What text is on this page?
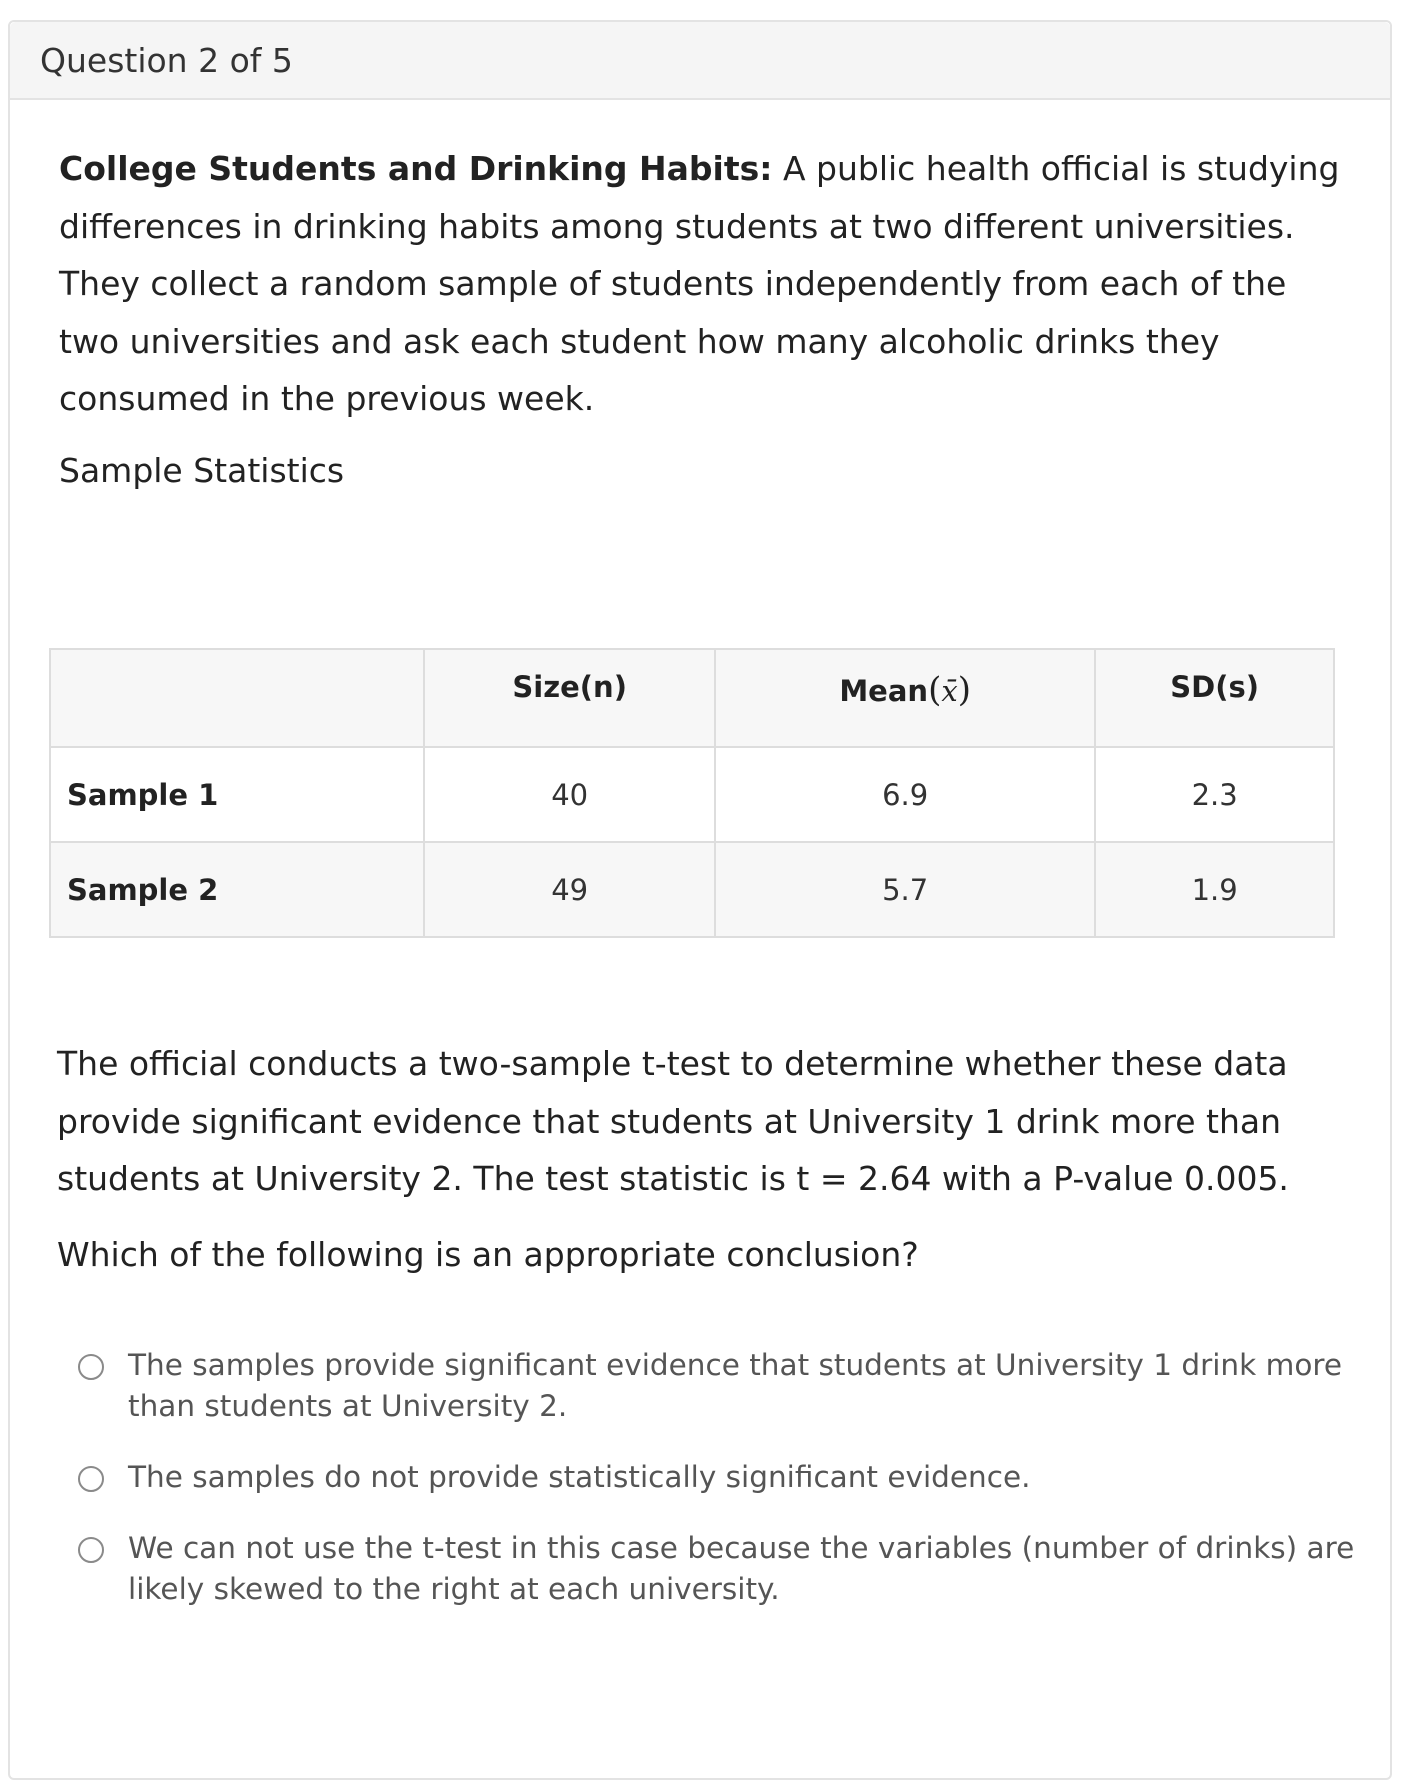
Question 2 of 5

College Students and Drinking Habits: A public health official is studying differences in drinking habits among students at two different universities. They collect a random sample of students independently from each of the two universities and ask each student how many alcoholic drinks they consumed in the previous week.

Sample Statistics

	Size(n)	Mean(x̄)	SD(s)
Sample 1	40	6.9	2.3
Sample 2	49	5.7	1.9

The official conducts a two-sample t-test to determine whether these data provide significant evidence that students at University 1 drink more than students at University 2. The test statistic is t = 2.64 with a P-value 0.005.

Which of the following is an appropriate conclusion?

The samples provide significant evidence that students at University 1 drink more than students at University 2.
The samples do not provide statistically significant evidence.
We can not use the t-test in this case because the variables (number of drinks) are likely skewed to the right at each university.
